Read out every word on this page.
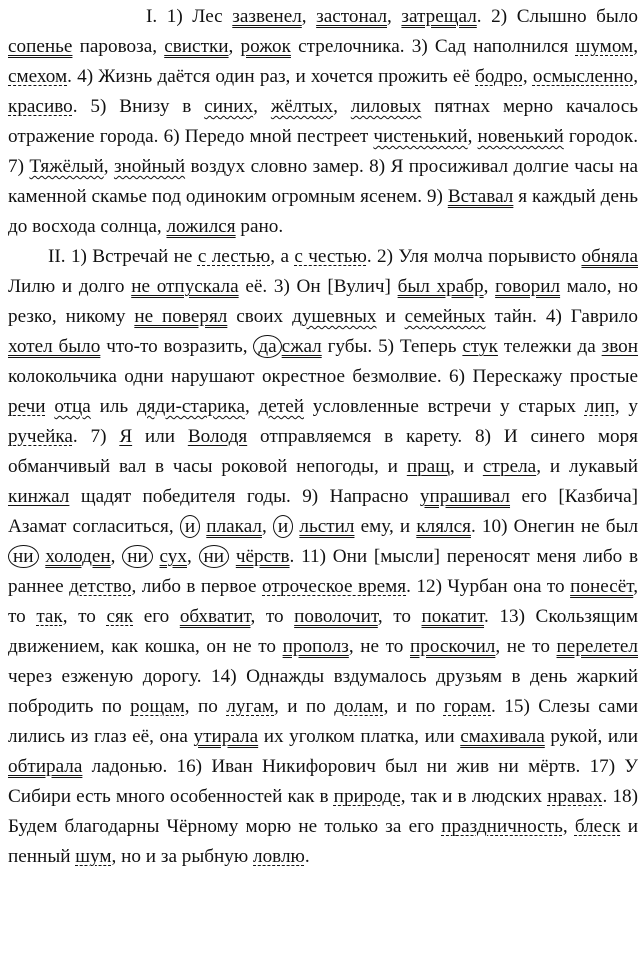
I. 1) Лес зазвенел, застонал, затрещал. 2) Слышно было сопенье паровоза, свистки, рожок стрелочника. 3) Сад наполнился шумом, смехом. 4) Жизнь даётся один раз, и хочется прожить её бодро, осмысленно, красиво. 5) Внизу в синих, жёлтых, лиловых пятнах мерно качалось отражение города. 6) Передо мной пестреет чистенький, новенький городок. 7) Тяжёлый, знойный воздух словно замер. 8) Я просиживал долгие часы на каменной скамье под одиноким огромным ясенем. 9) Вставал я каждый день до восхода солнца, ложился рано.

II. 1) Встречай не с лестью, а с честью. 2) Уля молча порывисто обняла Лилю и долго не отпускала её. 3) Он [Вулич] был храбр, говорил мало, но резко, никому не поверял своих душевных и семейных тайн. 4) Гаврило хотел было что-то возразить, да сжал губы. 5) Теперь стук тележки да звон колокольчика одни нарушают окрестное безмолвие. 6) Перескажу простые речи отца иль дяди-старика, детей условленные встречи у старых лип, у ручейка. 7) Я или Володя отправляемся в карету. 8) И синего моря обманчивый вал в часы роковой непогоды, и пращ, и стрела, и лукавый кинжал щадят победителя годы. 9) Напрасно упрашивал его [Казбича] Азамат согласиться, и плакал, и льстил ему, и клялся. 10) Онегин не был ни холоден, ни сух, ни чёрств. 11) Они [мысли] переносят меня либо в раннее детство, либо в первое отроческое время. 12) Чурбан она то понесёт, то так, то сяк его обхватит, то поволочит, то покатит. 13) Скользящим движением, как кошка, он не то прополз, не то проскочил, не то перелетел через езженую дорогу. 14) Однажды вздумалось друзьям в день жаркий побродить по рощам, по лугам, и по долам, и по горам. 15) Слезы сами лились из глаз её, она утирала их уголком платка, или смахивала рукой, или обтирала ладонью. 16) Иван Никифорович был ни жив ни мёртв. 17) У Сибири есть много особенностей как в природе, так и в людских нравах. 18) Будем благодарны Чёрному морю не только за его праздничность, блеск и пенный шум, но и за рыбную ловлю.
